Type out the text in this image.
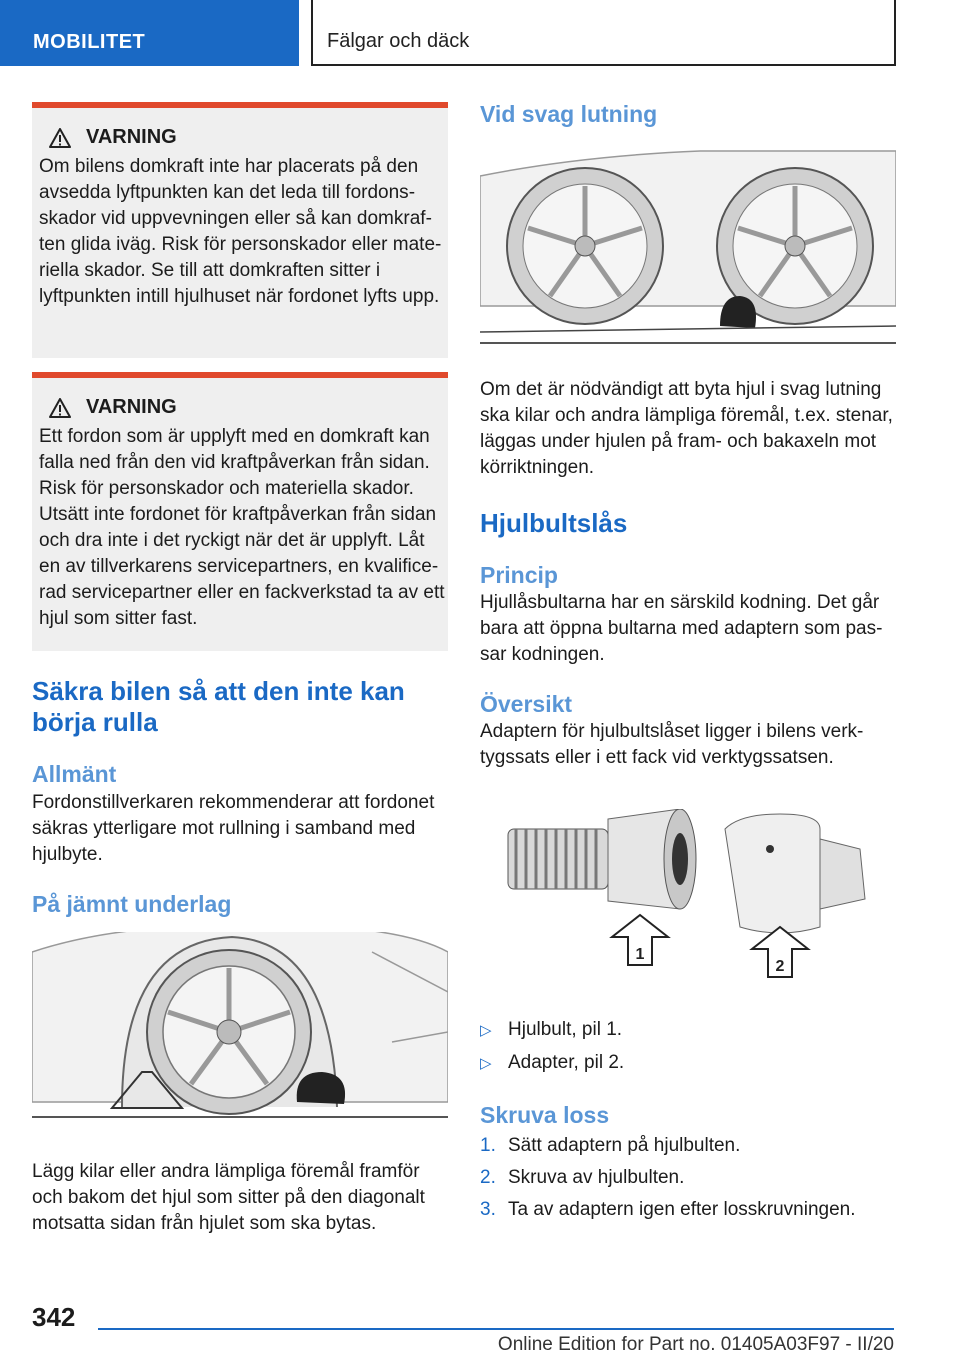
MOBILITET	Fälgar och däck
VARNING
Om bilens domkraft inte har placerats på den avsedda lyftpunkten kan det leda till fordonsskador vid uppvevningen eller så kan domkraften glida iväg. Risk för personskador eller materiella skador. Se till att domkraften sitter i lyftpunkten intill hjulhuset när fordonet lyfts upp.
VARNING
Ett fordon som är upplyft med en domkraft kan falla ned från den vid kraftpåverkan från sidan. Risk för personskador och materiella skador. Utsätt inte fordonet för kraftpåverkan från sidan och dra inte i det ryckigt när det är upplyft. Låt en av tillverkarens servicepartners, en kvalificerad servicepartner eller en fackverkstad ta av ett hjul som sitter fast.
Säkra bilen så att den inte kan börja rulla
Allmänt
Fordonstillverkaren rekommenderar att fordonet säkras ytterligare mot rullning i samband med hjulbyte.
På jämnt underlag
Lägg kilar eller andra lämpliga föremål framför och bakom det hjul som sitter på den diagonalt motsatta sidan från hjulet som ska bytas.
Vid svag lutning
Om det är nödvändigt att byta hjul i svag lutning ska kilar och andra lämpliga föremål, t.ex. stenar, läggas under hjulen på fram- och bakaxeln mot körriktningen.
Hjulbultslås
Princip
Hjullåsbultarna har en särskild kodning. Det går bara att öppna bultarna med adaptern som passar kodningen.
Översikt
Adaptern för hjulbultslåset ligger i bilens verktygssats eller i ett fack vid verktygssatsen.
1
2
▷ Hjulbult, pil 1.
▷ Adapter, pil 2.
Skruva loss
1. Sätt adaptern på hjulbulten.
2. Skruva av hjulbulten.
3. Ta av adaptern igen efter losskruvningen.
342
Online Edition for Part no. 01405A03F97 - II/20
